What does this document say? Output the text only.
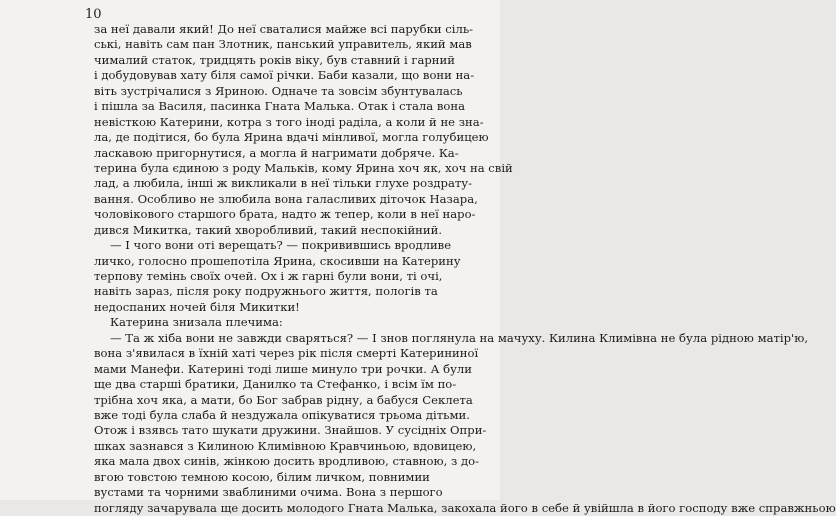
10
за неї давали який! До неї сваталися майже всі парубки сіль-
ські, навіть сам пан Злотник, панський управитель, який мав
чималий статок, тридцять років віку, був ставний і гарний
і добудовував хату біля самої річки. Баби казали, що вони на-
віть зустрічалися з Яриною. Одначе та зовсім збунтувалась
і пішла за Василя, пасинка Гната Малька. Отак і стала вона
невісткою Катерини, котра з того іноді раділа, а коли й не зна-
ла, де подітися, бо була Ярина вдачі мінливої, могла голубицею
ласкавою пригорнутися, а могла й нагримати добряче. Ка-
терина була єдиною з роду Мальків, кому Ярина хоч як, хоч на свій
лад, а любила, інші ж викликали в неї тільки глухе роздрату-
вання. Особливо не злюбила вона галасливих діточок Назара,
чоловікового старшого брата, надто ж тепер, коли в неї наро-
дився Микитка, такий хворобливий, такий неспокійний.
— І чого вони оті верещать? — покривившись вродливе
личко, голосно прошепотіла Ярина, скосивши на Катерину
терпову темінь своїх очей. Ох і ж гарні були вони, ті очі,
навіть зараз, після року подружнього життя, пологів та
недоспаних ночей біля Микитки!
Катерина знизала плечима:
— Та ж хіба вони не завжди сваряться? — І знов поглянула на мачуху. Килина Климівна не була рідною матір'ю,
вона з'явилася в їхній хаті через рік після смерті Катерининої
мами Манефи. Катерині тоді лише минуло три рочки. А були
ще два старші братики, Данилко та Стефанко, і всім їм по-
трібна хоч яка, а мати, бо Бог забрав рідну, а бабуся Секлета
вже тоді була слаба й нездужала опікуватися трьома дітьми.
Отож і взявсь тато шукати дружини. Знайшов. У сусідніх Опри-
шках зазнався з Килиною Климівною Кравчиньою, вдовицею,
яка мала двох синів, жінкою досить вродливою, ставною, з до-
вгою товстою темною косою, білим личком, повнимии
вустами та чорними зваблиними очима. Вона з першого
погляду зачарувала ще досить молодого Гната Малька, закохала його в себе й увійшла в його господу вже справжньою
